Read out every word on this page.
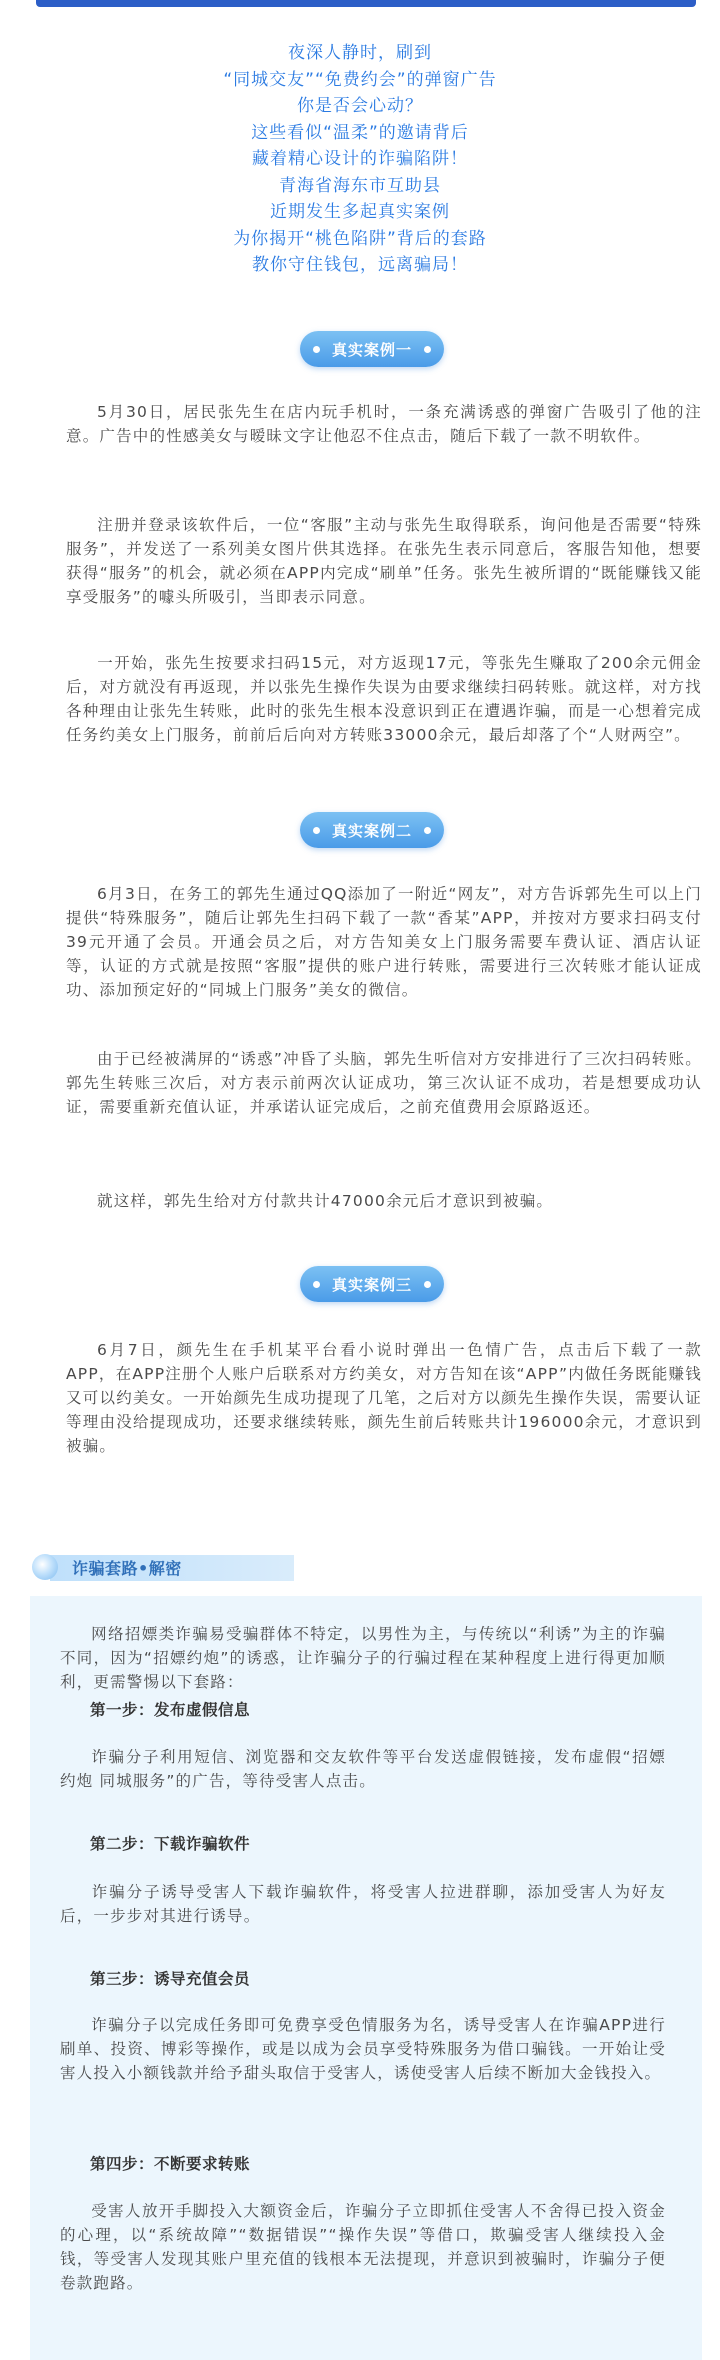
夜深人静时，刷到
“同城交友”“免费约会”的弹窗广告
你是否会心动？
这些看似“温柔”的邀请背后
藏着精心设计的诈骗陷阱！
青海省海东市互助县
近期发生多起真实案例
为你揭开“桃色陷阱”背后的套路
教你守住钱包，远离骗局！
真实案例一
5月30日，居民张先生在店内玩手机时，一条充满诱惑的弹窗广告吸引了他的注意。广告中的性感美女与暧昧文字让他忍不住点击，随后下载了一款不明软件。
注册并登录该软件后，一位“客服”主动与张先生取得联系，询问他是否需要“特殊服务”，并发送了一系列美女图片供其选择。在张先生表示同意后，客服告知他，想要获得“服务”的机会，就必须在APP内完成“刷单”任务。张先生被所谓的“既能赚钱又能享受服务”的噱头所吸引，当即表示同意。
一开始，张先生按要求扫码15元，对方返现17元，等张先生赚取了200余元佣金后，对方就没有再返现，并以张先生操作失误为由要求继续扫码转账。就这样，对方找各种理由让张先生转账，此时的张先生根本没意识到正在遭遇诈骗，而是一心想着完成任务约美女上门服务，前前后后向对方转账33000余元，最后却落了个“人财两空”。
真实案例二
6月3日，在务工的郭先生通过QQ添加了一附近“网友”，对方告诉郭先生可以上门提供“特殊服务”，随后让郭先生扫码下载了一款“香某”APP，并按对方要求扫码支付39元开通了会员。开通会员之后，对方告知美女上门服务需要车费认证、酒店认证等，认证的方式就是按照“客服”提供的账户进行转账，需要进行三次转账才能认证成功、添加预定好的“同城上门服务”美女的微信。
由于已经被满屏的“诱惑”冲昏了头脑，郭先生听信对方安排进行了三次扫码转账。郭先生转账三次后，对方表示前两次认证成功，第三次认证不成功，若是想要成功认证，需要重新充值认证，并承诺认证完成后，之前充值费用会原路返还。
就这样，郭先生给对方付款共计47000余元后才意识到被骗。
真实案例三
6月7日，颜先生在手机某平台看小说时弹出一色情广告，点击后下载了一款APP，在APP注册个人账户后联系对方约美女，对方告知在该“APP”内做任务既能赚钱又可以约美女。一开始颜先生成功提现了几笔，之后对方以颜先生操作失误，需要认证等理由没给提现成功，还要求继续转账，颜先生前后转账共计196000余元，才意识到被骗。
诈骗套路•解密
网络招嫖类诈骗易受骗群体不特定，以男性为主，与传统以“利诱”为主的诈骗不同，因为“招嫖约炮”的诱惑，让诈骗分子的行骗过程在某种程度上进行得更加顺利，更需警惕以下套路：
第一步：发布虚假信息
诈骗分子利用短信、浏览器和交友软件等平台发送虚假链接，发布虚假“招嫖约炮 同城服务”的广告，等待受害人点击。
第二步：下载诈骗软件
诈骗分子诱导受害人下载诈骗软件，将受害人拉进群聊，添加受害人为好友后，一步步对其进行诱导。
第三步：诱导充值会员
诈骗分子以完成任务即可免费享受色情服务为名，诱导受害人在诈骗APP进行刷单、投资、博彩等操作，或是以成为会员享受特殊服务为借口骗钱。一开始让受害人投入小额钱款并给予甜头取信于受害人，诱使受害人后续不断加大金钱投入。
第四步：不断要求转账
受害人放开手脚投入大额资金后，诈骗分子立即抓住受害人不舍得已投入资金的心理，以“系统故障”“数据错误”“操作失误”等借口，欺骗受害人继续投入金钱，等受害人发现其账户里充值的钱根本无法提现，并意识到被骗时，诈骗分子便卷款跑路。
